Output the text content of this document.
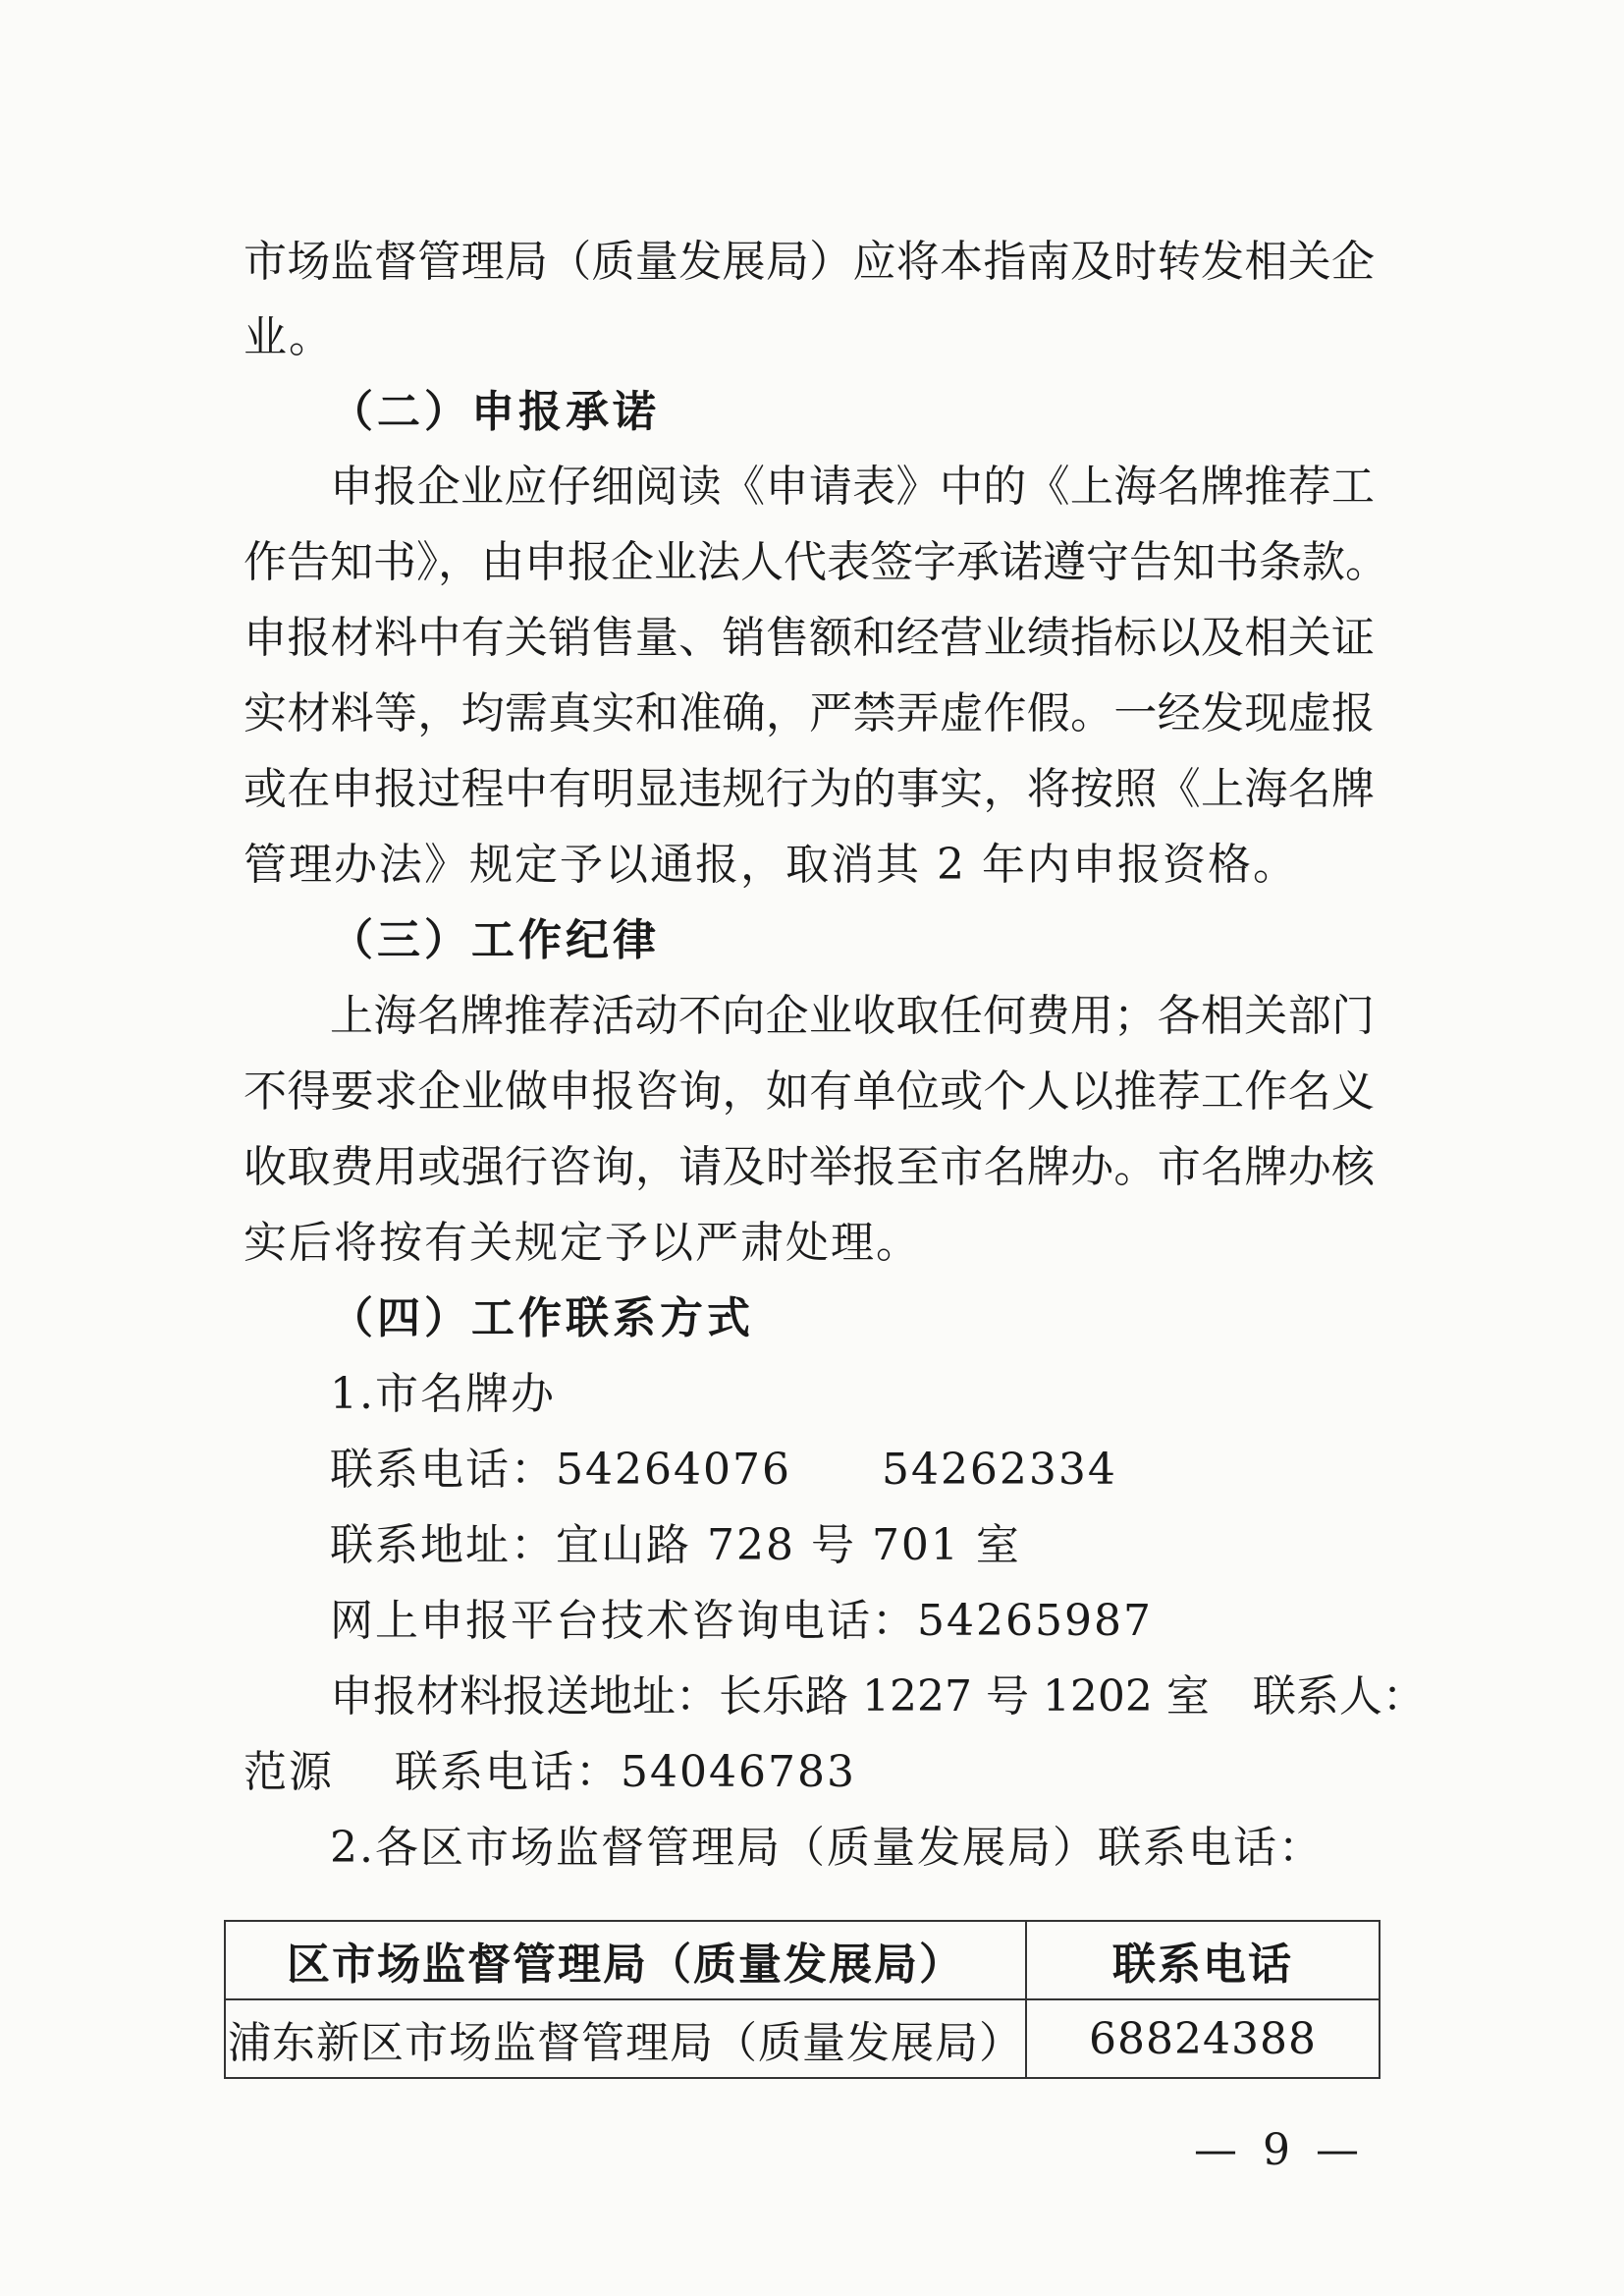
市场监督管理局（质量发展局）应将本指南及时转发相关企
业。
（二）申报承诺
申报企业应仔细阅读《申请表》中的《上海名牌推荐工
作告知书》，由申报企业法人代表签字承诺遵守告知书条款。
申报材料中有关销售量、销售额和经营业绩指标以及相关证
实材料等，均需真实和准确，严禁弄虚作假。一经发现虚报
或在申报过程中有明显违规行为的事实，将按照《上海名牌
管理办法》规定予以通报，取消其 2 年内申报资格。
（三）工作纪律
上海名牌推荐活动不向企业收取任何费用；各相关部门
不得要求企业做申报咨询，如有单位或个人以推荐工作名义
收取费用或强行咨询，请及时举报至市名牌办。市名牌办核
实后将按有关规定予以严肃处理。
（四）工作联系方式
1.市名牌办
联系电话：54264076　　54262334
联系地址：宜山路 728 号 701 室
网上申报平台技术咨询电话：54265987
申报材料报送地址：长乐路 1227 号 1202 室　联系人：
范源　 联系电话：54046783
2.各区市场监督管理局（质量发展局）联系电话：
区市场监督管理局（质量发展局）	联系电话
浦东新区市场监督管理局（质量发展局）	68824388
— 9 —
